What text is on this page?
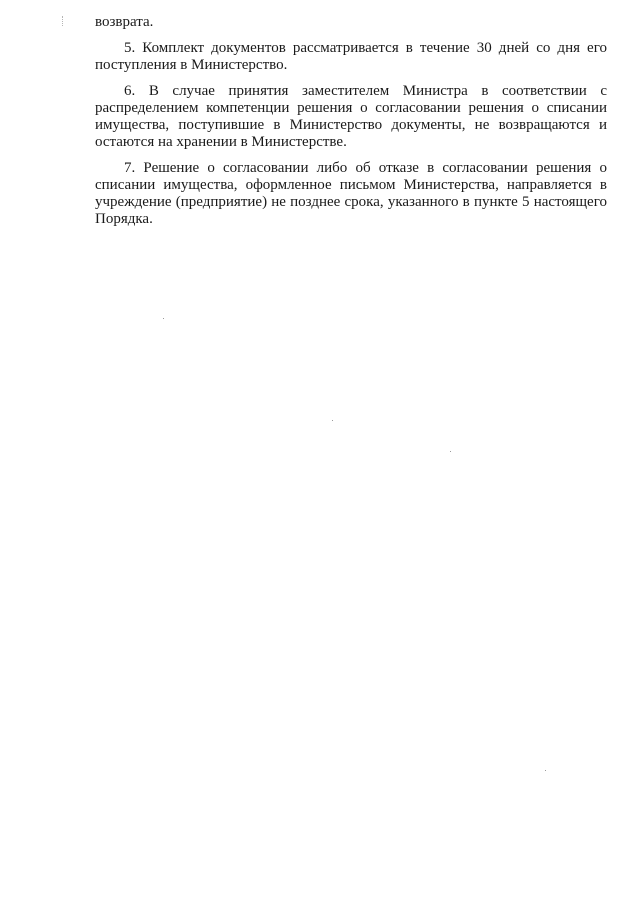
возврата.

5. Комплект документов рассматривается в течение 30 дней со дня его поступления в Министерство.

6. В случае принятия заместителем Министра в соответствии с распределением компетенции решения о согласовании решения о списании имущества, поступившие в Министерство документы, не возвращаются и остаются на хранении в Министерстве.

7. Решение о согласовании либо об отказе в согласовании решения о списании имущества, оформленное письмом Министерства, направляется в учреждение (предприятие) не позднее срока, указанного в пункте 5 настоящего Порядка.
